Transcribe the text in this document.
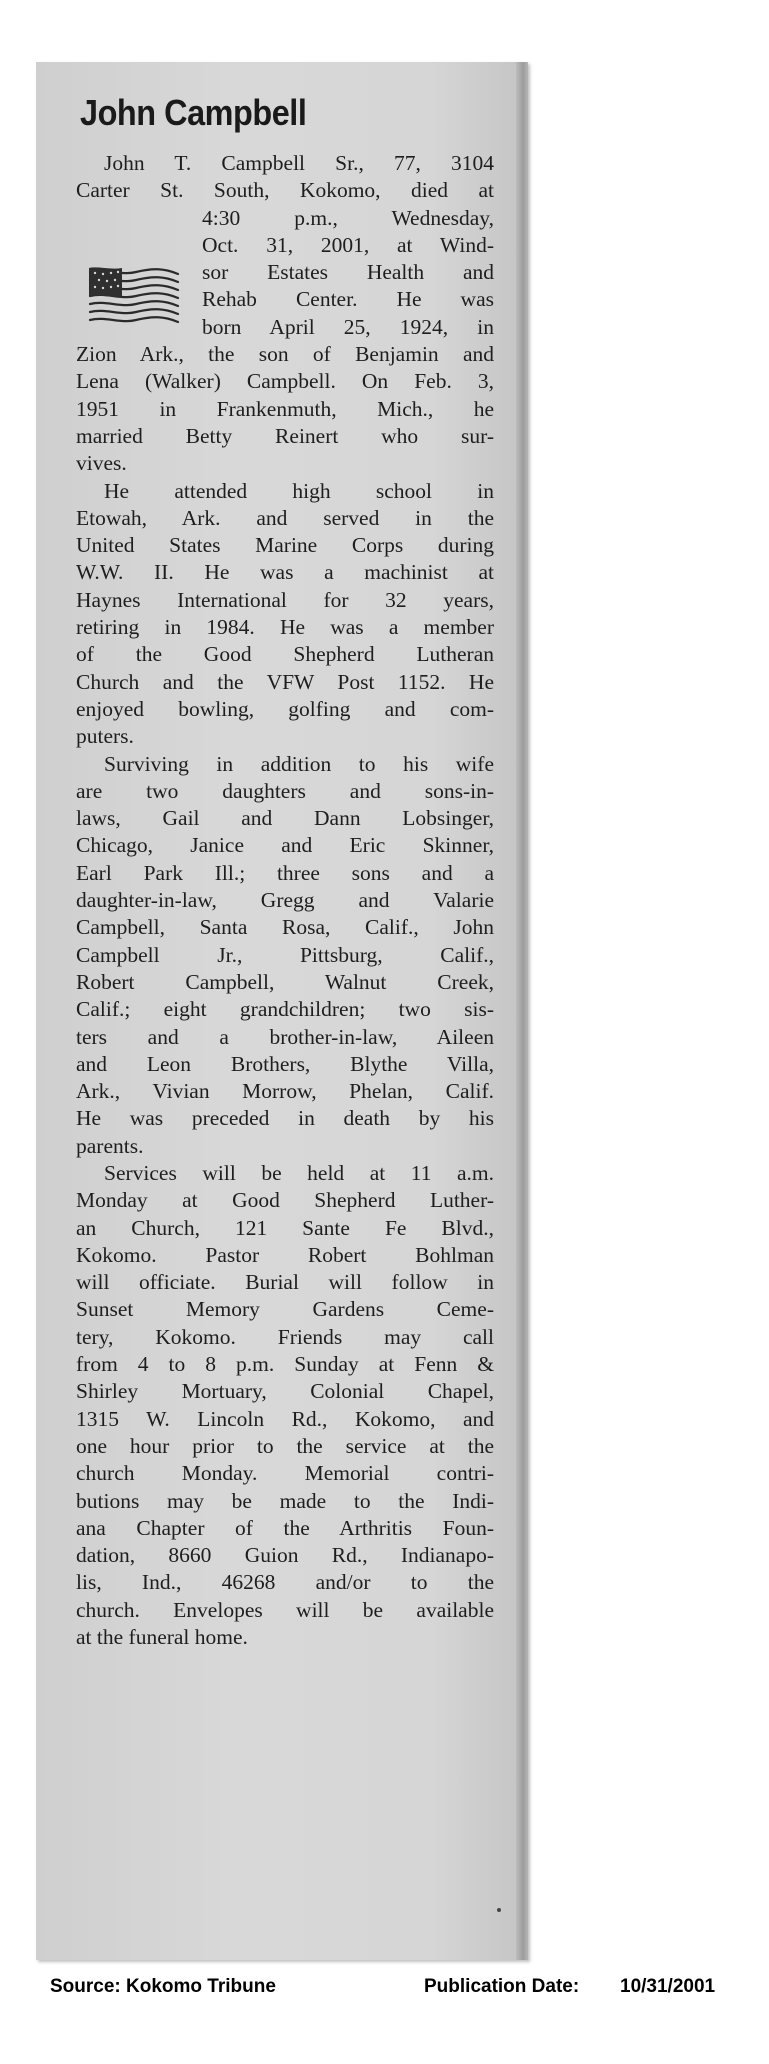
John Campbell

John T. Campbell Sr., 77, 3104
Carter St. South, Kokomo, died at
4:30 p.m., Wednesday,
Oct. 31, 2001, at Wind-
sor Estates Health and
Rehab Center. He was
born April 25, 1924, in
Zion Ark., the son of Benjamin and
Lena (Walker) Campbell. On Feb. 3,
1951 in Frankenmuth, Mich., he
married Betty Reinert who sur-
vives.

He attended high school in
Etowah, Ark. and served in the
United States Marine Corps during
W.W. II. He was a machinist at
Haynes International for 32 years,
retiring in 1984. He was a member
of the Good Shepherd Lutheran
Church and the VFW Post 1152. He
enjoyed bowling, golfing and com-
puters.

Surviving in addition to his wife
are two daughters and sons-in-
laws, Gail and Dann Lobsinger,
Chicago, Janice and Eric Skinner,
Earl Park Ill.; three sons and a
daughter-in-law, Gregg and Valarie
Campbell, Santa Rosa, Calif., John
Campbell Jr., Pittsburg, Calif.,
Robert Campbell, Walnut Creek,
Calif.; eight grandchildren; two sis-
ters and a brother-in-law, Aileen
and Leon Brothers, Blythe Villa,
Ark., Vivian Morrow, Phelan, Calif.
He was preceded in death by his
parents.

Services will be held at 11 a.m.
Monday at Good Shepherd Luther-
an Church, 121 Sante Fe Blvd.,
Kokomo. Pastor Robert Bohlman
will officiate. Burial will follow in
Sunset Memory Gardens Ceme-
tery, Kokomo. Friends may call
from 4 to 8 p.m. Sunday at Fenn &
Shirley Mortuary, Colonial Chapel,
1315 W. Lincoln Rd., Kokomo, and
one hour prior to the service at the
church Monday. Memorial contri-
butions may be made to the Indi-
ana Chapter of the Arthritis Foun-
dation, 8660 Guion Rd., Indianapo-
lis, Ind., 46268 and/or to the
church. Envelopes will be available
at the funeral home.

Source: Kokomo Tribune	Publication Date: 10/31/2001
